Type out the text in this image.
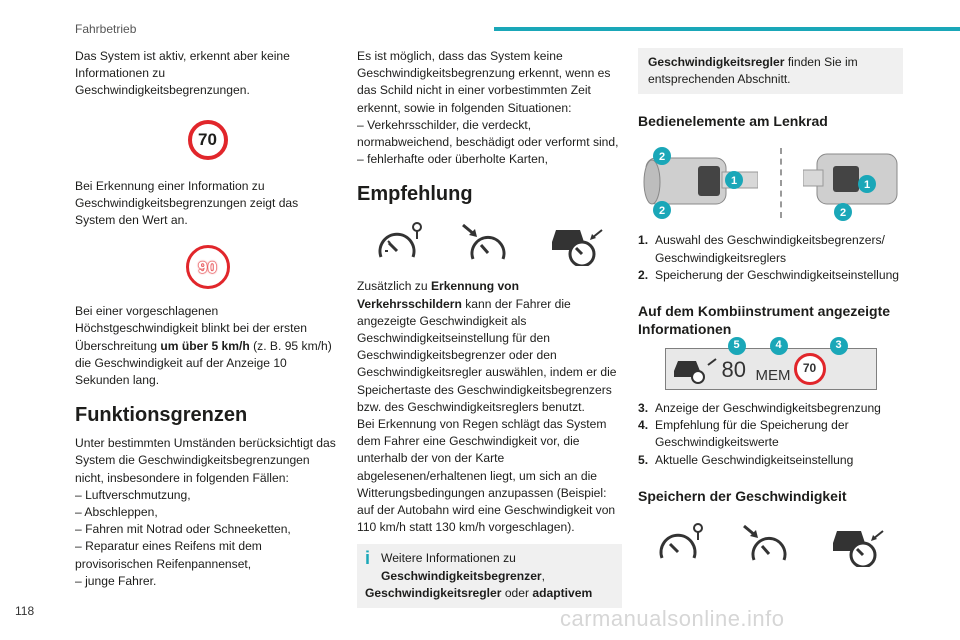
Fahrbetrieb

Das System ist aktiv, erkennt aber keine Informationen zu Geschwindigkeitsbegrenzungen.

70

Bei Erkennung einer Information zu Geschwindigkeitsbegrenzungen zeigt das System den Wert an.

90

Bei einer vorgeschlagenen Höchstgeschwindigkeit blinkt bei der ersten Überschreitung um über 5 km/h (z. B. 95 km/h) die Geschwindigkeit auf der Anzeige 10 Sekunden lang.

Funktionsgrenzen

Unter bestimmten Umständen berücksichtigt das System die Geschwindigkeitsbegrenzungen nicht, insbesondere in folgenden Fällen:

– Luftverschmutzung,
– Abschleppen,
– Fahren mit Notrad oder Schneeketten,
– Reparatur eines Reifens mit dem provisorischen Reifenpannenset,
– junge Fahrer.

Es ist möglich, dass das System keine Geschwindigkeitsbegrenzung erkennt, wenn es das Schild nicht in einer vorbestimmten Zeit erkennt, sowie in folgenden Situationen:

– Verkehrsschilder, die verdeckt, normabweichend, beschädigt oder verformt sind,
– fehlerhafte oder überholte Karten,
Empfehlung

Zusätzlich zu Erkennung von Verkehrsschildern kann der Fahrer die angezeigte Geschwindigkeit als Geschwindigkeitseinstellung für den Geschwindigkeitsbegrenzer oder den Geschwindigkeitsregler auswählen, indem er die Speichertaste des Geschwindigkeitsbegrenzers bzw. des Geschwindigkeitsreglers benutzt.

Bei Erkennung von Regen schlägt das System dem Fahrer eine Geschwindigkeit vor, die unterhalb der von der Karte abgelesenen/erhaltenen liegt, um sich an die Witterungsbedingungen anzupassen (Beispiel: auf der Autobahn wird eine Geschwindigkeit von 110 km/h statt 130 km/h vorgeschlagen).

i Weitere Informationen zu Geschwindigkeitsbegrenzer,

Geschwindigkeitsregler oder adaptivem

Geschwindigkeitsregler finden Sie im entsprechenden Abschnitt.

Bedienelemente am Lenkrad
2
1
2
1
2
1. Auswahl des Geschwindigkeitsbegrenzers/ Geschwindigkeitsreglers
2. Speicherung der Geschwindigkeitseinstellung
Auf dem Kombiinstrument angezeigte Informationen
80 MEM 70
5	4	3
3. Anzeige der Geschwindigkeitsbegrenzung
4. Empfehlung für die Speicherung der Geschwindigkeitswerte
5. Aktuelle Geschwindigkeitseinstellung
Speichern der Geschwindigkeit
118	carmanualsonline.info
